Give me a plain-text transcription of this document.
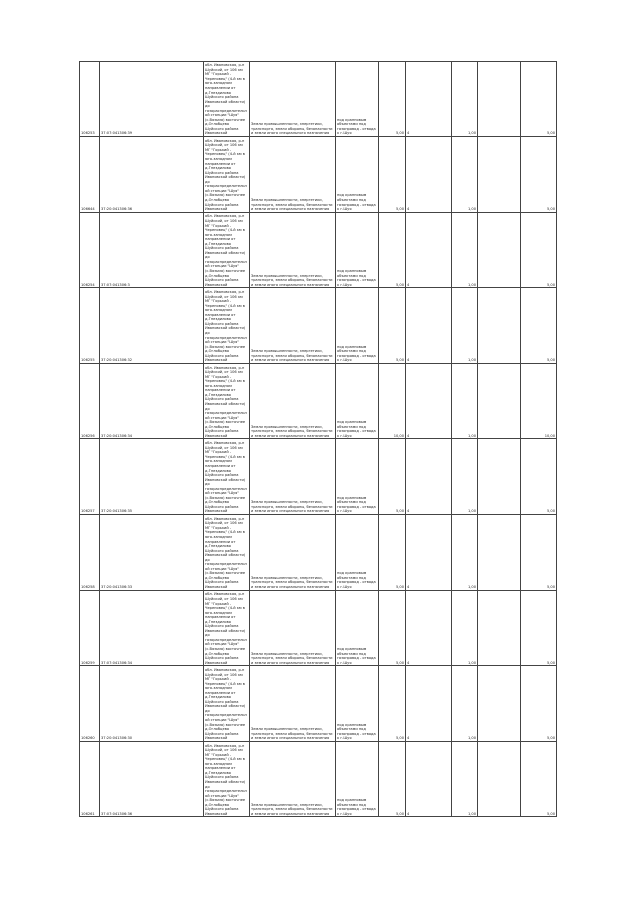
106253	37:07:041306:39	обл. Ивановская, р-н Шуйский, от 106 км МГ "Горький - Череповец" (4-й км в юго-западном направлении от д.Гнездилово Шуйского района Ивановской области) до газораспределительной станции "Шуя" (с.Вязьма) восточнее д.Оглобцево Шуйского района Ивановской	Земли промышленности, энергетики, транспорта, земли обороны, безопасности и земли иного специального назначения	под кранновым объектами под газопровод - отвода к г.Шуя	5,00	4	1,00		5,00
106644	37:20:041306:36	обл. Ивановская, р-н Шуйский, от 106 км МГ "Горький - Череповец" (4-й км в юго-западном направлении от д.Гнездилово Шуйского района Ивановской области) до газораспределительной станции "Шуя" (с.Вязьма) восточнее д.Оглобцево Шуйского района Ивановской	Земли промышленности, энергетики, транспорта, земли обороны, безопасности и земли иного специального назначения	под кранновым объектами под газопровод - отвода к г.Шуя	5,00	4	1,00		5,00
106254	37:07:041306:3	обл. Ивановская, р-н Шуйский, от 106 км МГ "Горький - Череповец" (4-й км в юго-западном направлении от д.Гнездилово Шуйского района Ивановской области) до газораспределительной станции "Шуя" (с.Вязьма) восточнее д.Оглобцево Шуйского района Ивановской	Земли промышленности, энергетики, транспорта, земли обороны, безопасности и земли иного специального назначения	под кранновым объектами под газопровод - отвода к г.Шуя	5,00	4	1,00		5,00
106255	37:20:041306:32	обл. Ивановская, р-н Шуйский, от 106 км МГ "Горький - Череповец" (4-й км в юго-западном направлении от д.Гнездилово Шуйского района Ивановской области) до газораспределительной станции "Шуя" (с.Вязьма) восточнее д.Оглобцево Шуйского района Ивановской	Земли промышленности, энергетики, транспорта, земли обороны, безопасности и земли иного специального назначения	под кранновым объектами под газопровод - отвода к г.Шуя	5,00	4	1,00		5,00
106256	37:20:041306:34	обл. Ивановская, р-н Шуйский, от 106 км МГ "Горький - Череповец" (4-й км в юго-западном направлении от д.Гнездилово Шуйского района Ивановской области) до газораспределительной станции "Шуя" (с.Вязьма) восточнее д.Оглобцево Шуйского района Ивановской	Земли промышленности, энергетики, транспорта, земли обороны, безопасности и земли иного специального назначения	под кранновым объектами под газопровод - отвода к г.Шуя	10,00	4	1,00		10,00
106257	37:20:041306:35	обл. Ивановская, р-н Шуйский, от 106 км МГ "Горький - Череповец" (4-й км в юго-западном направлении от д.Гнездилово Шуйского района Ивановской области) до газораспределительной станции "Шуя" (с.Вязьма) восточнее д.Оглобцево Шуйского района Ивановской	Земли промышленности, энергетики, транспорта, земли обороны, безопасности и земли иного специального назначения	под кранновым объектами под газопровод - отвода к г.Шуя	5,00	4	1,00		5,00
106258	37:20:041306:33	обл. Ивановская, р-н Шуйский, от 106 км МГ "Горький - Череповец" (4-й км в юго-западном направлении от д.Гнездилово Шуйского района Ивановской области) до газораспределительной станции "Шуя" (с.Вязьма) восточнее д.Оглобцево Шуйского района Ивановской	Земли промышленности, энергетики, транспорта, земли обороны, безопасности и земли иного специального назначения	под кранновым объектами под газопровод - отвода к г.Шуя	5,00	4	1,00		5,00
106259	37:07:041306:34	обл. Ивановская, р-н Шуйский, от 106 км МГ "Горький - Череповец" (4-й км в юго-западном направлении от д.Гнездилово Шуйского района Ивановской области) до газораспределительной станции "Шуя" (с.Вязьма) восточнее д.Оглобцево Шуйского района Ивановской	Земли промышленности, энергетики, транспорта, земли обороны, безопасности и земли иного специального назначения	под кранновым объектами под газопровод - отвода к г.Шуя	5,00	4	1,00		5,00
106260	37:20:041306:30	обл. Ивановская, р-н Шуйский, от 106 км МГ "Горький - Череповец" (4-й км в юго-западном направлении от д.Гнездилово Шуйского района Ивановской области) до газораспределительной станции "Шуя" (с.Вязьма) восточнее д.Оглобцево Шуйского района Ивановской	Земли промышленности, энергетики, транспорта, земли обороны, безопасности и земли иного специального назначения	под кранновым объектами под газопровод - отвода к г.Шуя	5,00	4	1,00		5,00
106261	37:07:041306:36	обл. Ивановская, р-н Шуйский, от 106 км МГ "Горький - Череповец" (4-й км в юго-западном направлении от д.Гнездилово Шуйского района Ивановской области) до газораспределительной станции "Шуя" (с.Вязьма) восточнее д.Оглобцево Шуйского района Ивановской	Земли промышленности, энергетики, транспорта, земли обороны, безопасности и земли иного специального назначения	под кранновым объектами под газопровод - отвода к г.Шуя	5,00	4	1,00		5,00
